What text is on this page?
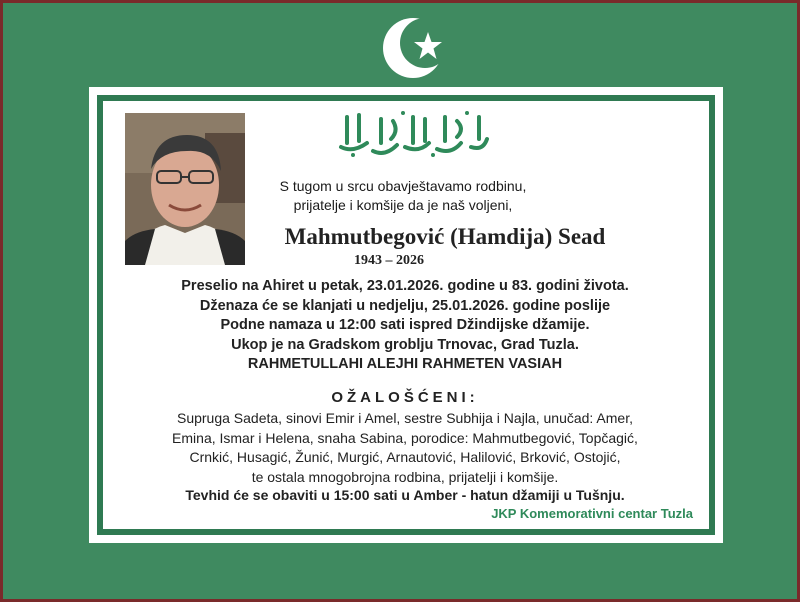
S tugom u srcu obavještavamo rodbinu,
prijatelje i komšije da je naš voljeni,
Mahmutbegović (Hamdija) Sead
1943 – 2026
Preselio na Ahiret u petak, 23.01.2026. godine u 83. godini života.
Dženaza će se klanjati u nedjelju, 25.01.2026. godine poslije
Podne namaza u 12:00 sati ispred Džindijske džamije.
Ukop je na Gradskom groblju Trnovac, Grad Tuzla.
RAHMETULLAHI ALEJHI RAHMETEN VASIAH
OŽALOŠĆENI:
Supruga Sadeta, sinovi Emir i Amel, sestre Subhija i Najla, unučad: Amer,
Emina, Ismar i Helena, snaha Sabina, porodice: Mahmutbegović, Topčagić,
Crnkić, Husagić, Žunić, Murgić, Arnautović, Halilović, Brković, Ostojić,
te ostala mnogobrojna rodbina, prijatelji i komšije.
Tevhid će se obaviti u 15:00 sati u Amber - hatun džamiji u Tušnju.
JKP Komemorativni centar Tuzla
